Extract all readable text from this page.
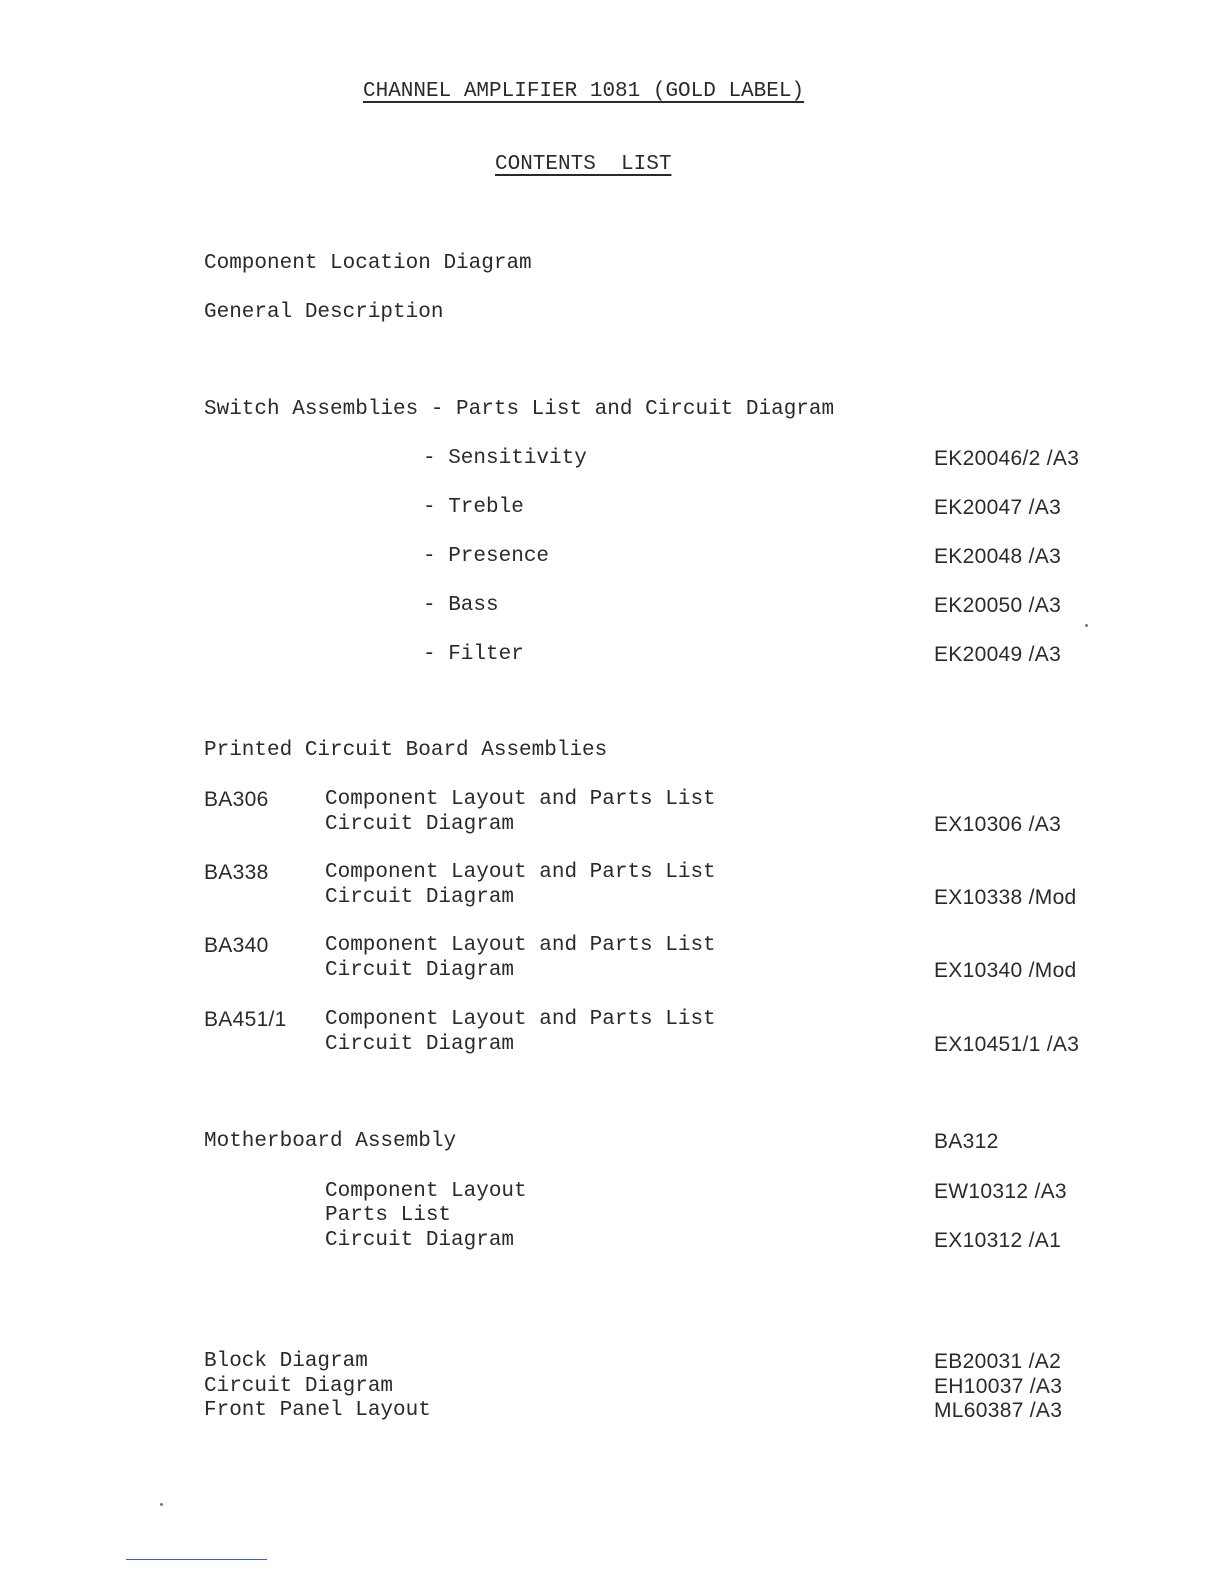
CHANNEL AMPLIFIER 1081 (GOLD LABEL)
CONTENTS  LIST
Component Location Diagram
General Description
Switch Assemblies - Parts List and Circuit Diagram
- Sensitivity	EK20046/2 /A3
- Treble	EK20047 /A3
- Presence	EK20048 /A3
- Bass	EK20050 /A3
- Filter	EK20049 /A3
Printed Circuit Board Assemblies
BA306	Component Layout and Parts List
Circuit Diagram	EX10306 /A3
BA338	Component Layout and Parts List
Circuit Diagram	EX10338 /Mod
BA340	Component Layout and Parts List
Circuit Diagram	EX10340 /Mod
BA451/1 Component Layout and Parts List
Circuit Diagram	EX10451/1 /A3
Motherboard Assembly	BA312
Component Layout	EW10312 /A3
Parts List
Circuit Diagram	EX10312 /A1
Block Diagram	EB20031 /A2
Circuit Diagram	EH10037 /A3
Front Panel Layout	ML60387 /A3
